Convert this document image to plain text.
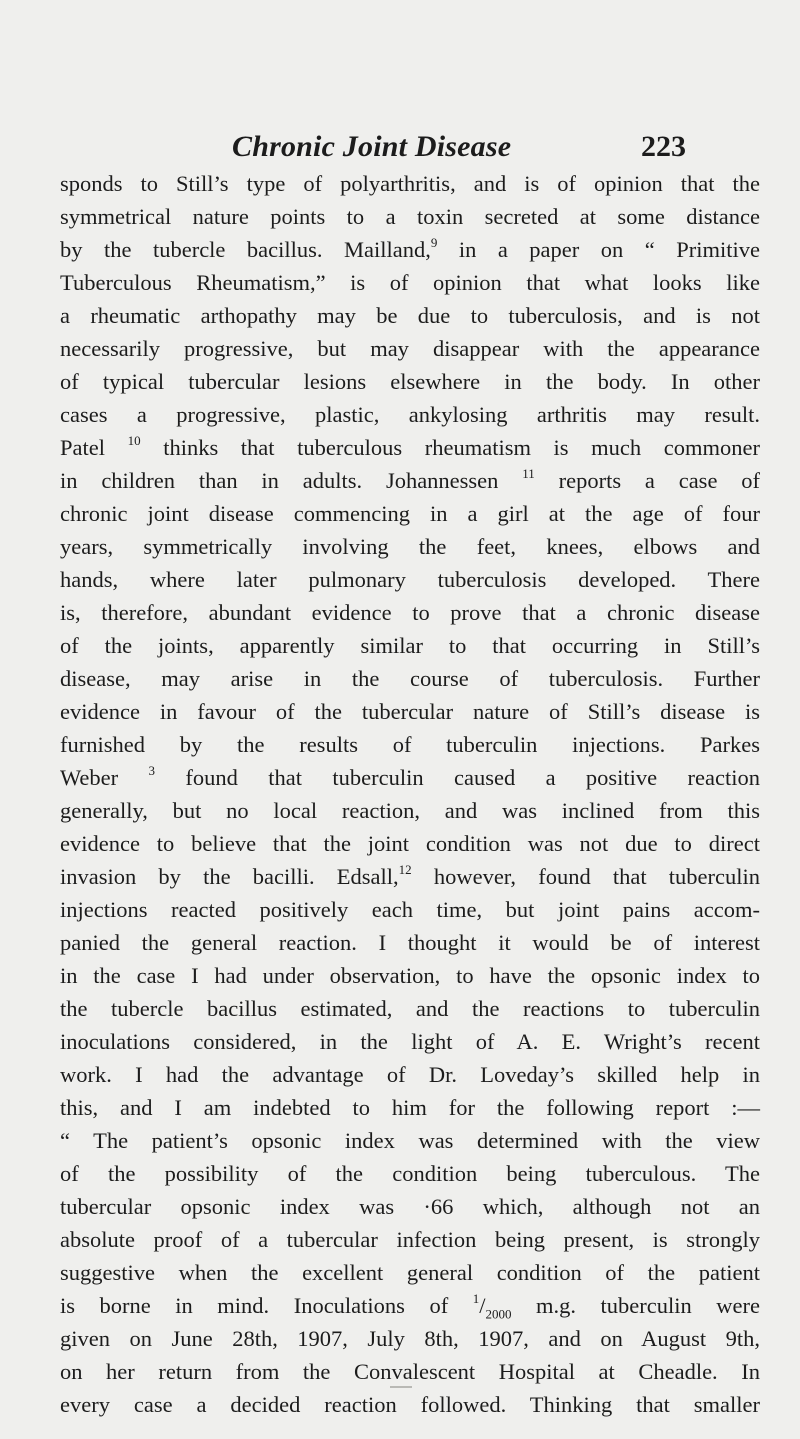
Chronic Joint Disease	223
sponds to Still’s type of polyarthritis, and is of opinion that the
symmetrical nature points to a toxin secreted at some distance
by the tubercle bacillus. Mailland,$^9$ in a paper on “ Primitive
Tuberculous Rheumatism,” is of opinion that what looks like
a rheumatic arthopathy may be due to tuberculosis, and is not
necessarily progressive, but may disappear with the appearance
of typical tubercular lesions elsewhere in the body. In other
cases a progressive, plastic, ankylosing arthritis may result.
Patel $^{10}$ thinks that tuberculous rheumatism is much commoner
in children than in adults. Johannessen $^{11}$ reports a case of
chronic joint disease commencing in a girl at the age of four
years, symmetrically involving the feet, knees, elbows and
hands, where later pulmonary tuberculosis developed. There
is, therefore, abundant evidence to prove that a chronic disease
of the joints, apparently similar to that occurring in Still’s
disease, may arise in the course of tuberculosis. Further
evidence in favour of the tubercular nature of Still’s disease is
furnished by the results of tuberculin injections. Parkes
Weber $^3$ found that tuberculin caused a positive reaction
generally, but no local reaction, and was inclined from this
evidence to believe that the joint condition was not due to direct
invasion by the bacilli. Edsall,$^{12}$ however, found that tuberculin
injections reacted positively each time, but joint pains accom-
panied the general reaction. I thought it would be of interest
in the case I had under observation, to have the opsonic index to
the tubercle bacillus estimated, and the reactions to tuberculin
inoculations considered, in the light of A. E. Wright’s recent
work. I had the advantage of Dr. Loveday’s skilled help in
this, and I am indebted to him for the following report :—
“ The patient’s opsonic index was determined with the view
of the possibility of the condition being tuberculous. The
tubercular opsonic index was ·66 which, although not an
absolute proof of a tubercular infection being present, is strongly
suggestive when the excellent general condition of the patient
is borne in mind. Inoculations of $^1/_{2000}$ m.g. tuberculin were
given on June 28th, 1907, July 8th, 1907, and on August 9th,
on her return from the Convalescent Hospital at Cheadle. In
every case a decided reaction followed. Thinking that smaller
